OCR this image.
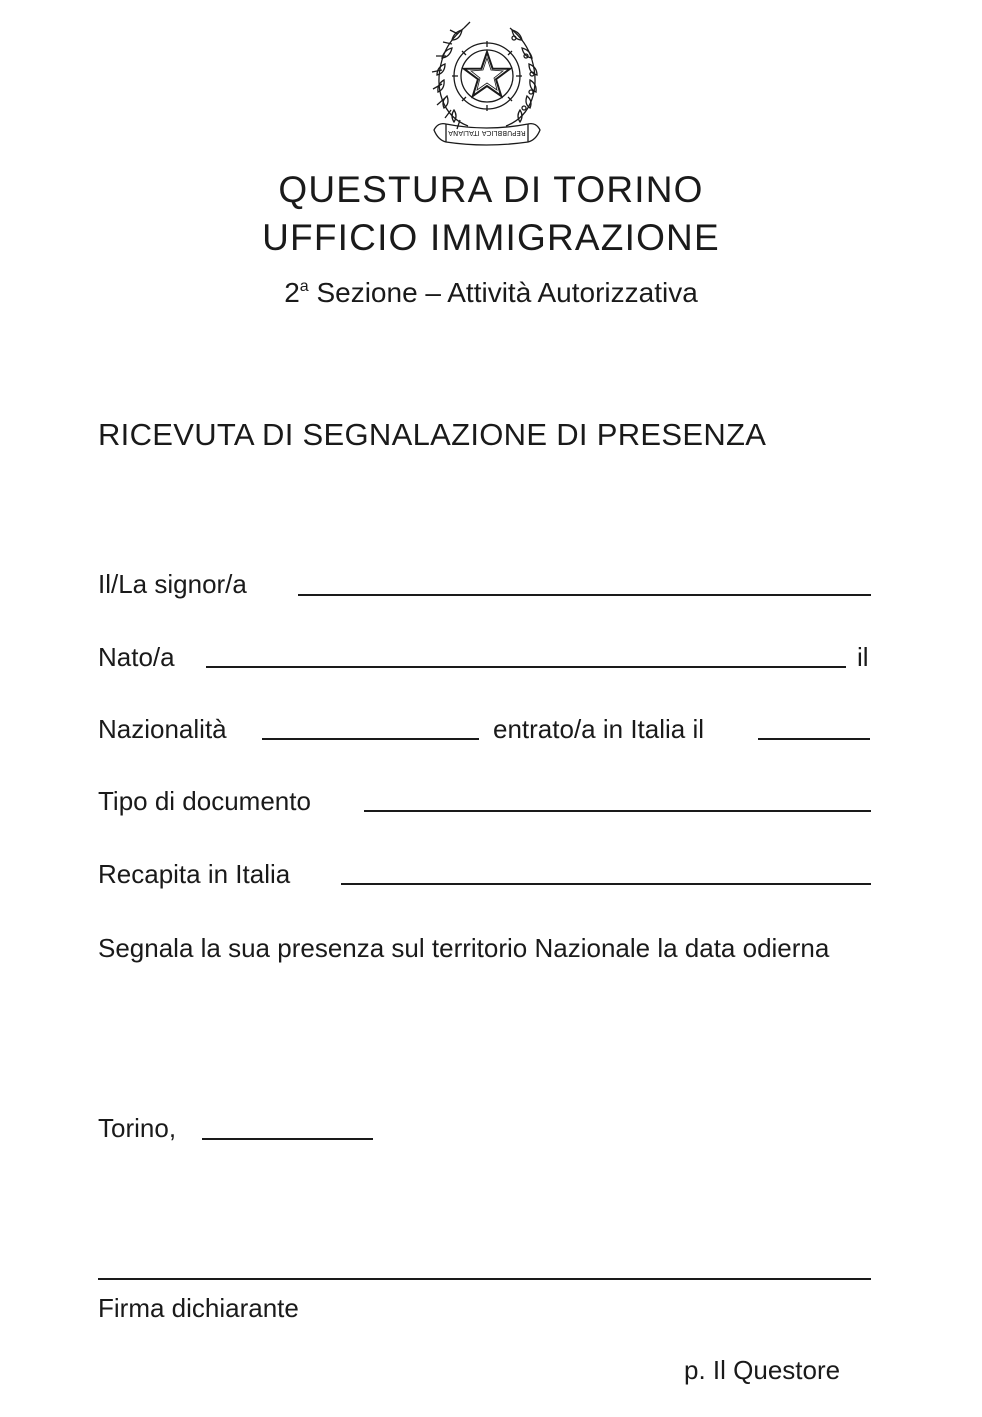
REPUBBLICA ITALIANA
QUESTURA DI TORINO
UFFICIO IMMIGRAZIONE
2$^a$ Sezione – Attività Autorizzativa
RICEVUTA DI SEGNALAZIONE DI PRESENZA
Il/La signor/a
Nato/a	il
Nazionalità	entrato/a in Italia il
Tipo di documento
Recapita in Italia
Segnala la sua presenza sul territorio Nazionale la data odierna
Torino,
Firma dichiarante
p. Il Questore
